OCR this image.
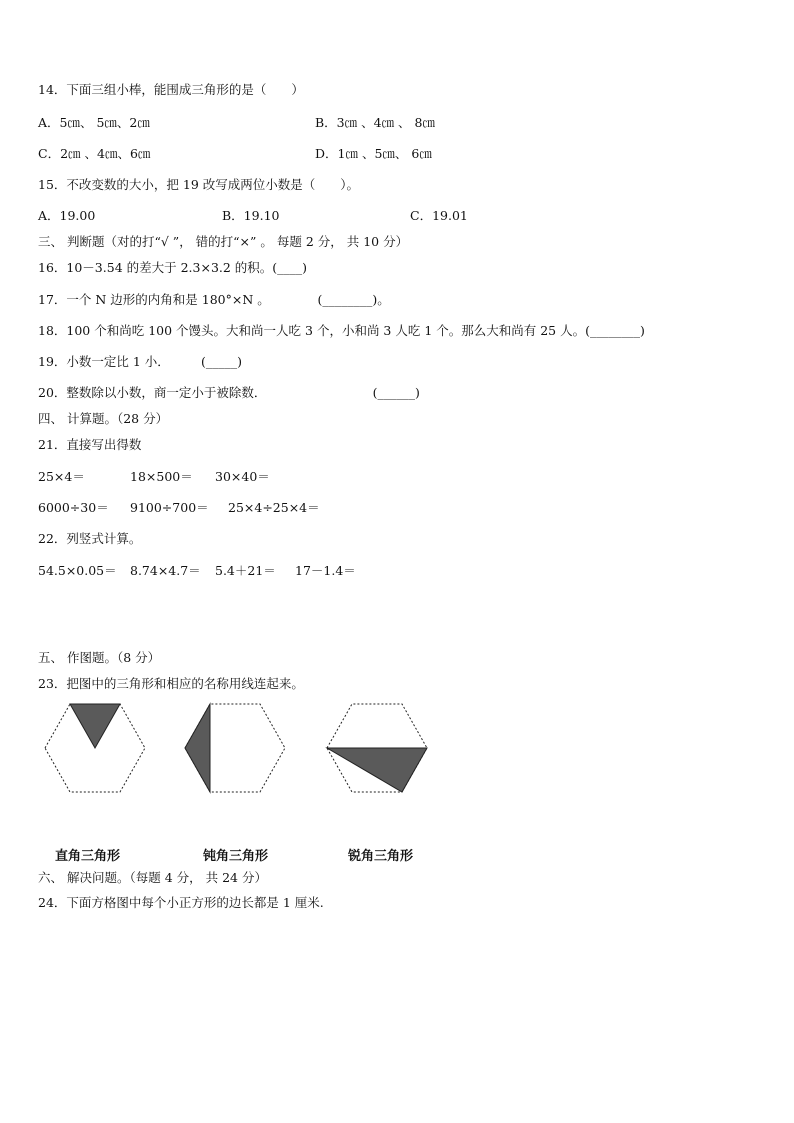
14．下面三组小棒，能围成三角形的是（　　）
A．5㎝、 5㎝、2㎝	B．3㎝ 、4㎝ 、 8㎝
C．2㎝ 、4㎝、6㎝	D．1㎝ 、5㎝、 6㎝
15．不改变数的大小，把 19 改写成两位小数是（　　）。
A．19.00	B．19.10	C．19.01
三、 判断题（对的打“√ ”， 错的打“×” 。 每题 2 分， 共 10 分）
16．10－3.54 的差大于 2.3×3.2 的积。(____)
17．一个 N 边形的内角和是 180°×N 。　　　　 (________)。
18．100 个和尚吃 100 个馒头。大和尚一人吃 3 个，小和尚 3 人吃 1 个。那么大和尚有 25 人。(________)
19．小数一定比 1 小．　　　(_____)
20．整数除以小数，商一定小于被除数．　　　　　　　　　(______)
四、 计算题。（28 分）
21．直接写出得数
25×4＝	18×500＝ 30×40＝
6000÷30＝ 9100÷700＝ 25×4÷25×4＝
22．列竖式计算。
54.5×0.05＝ 8.74×4.7＝ 5.4＋21＝ 17－1.4＝
五、 作图题。（8 分）
23．把图中的三角形和相应的名称用线连起来。
直角三角形	钝角三角形	锐角三角形
六、 解决问题。（每题 4 分， 共 24 分）
24．下面方格图中每个小正方形的边长都是 1 厘米.
